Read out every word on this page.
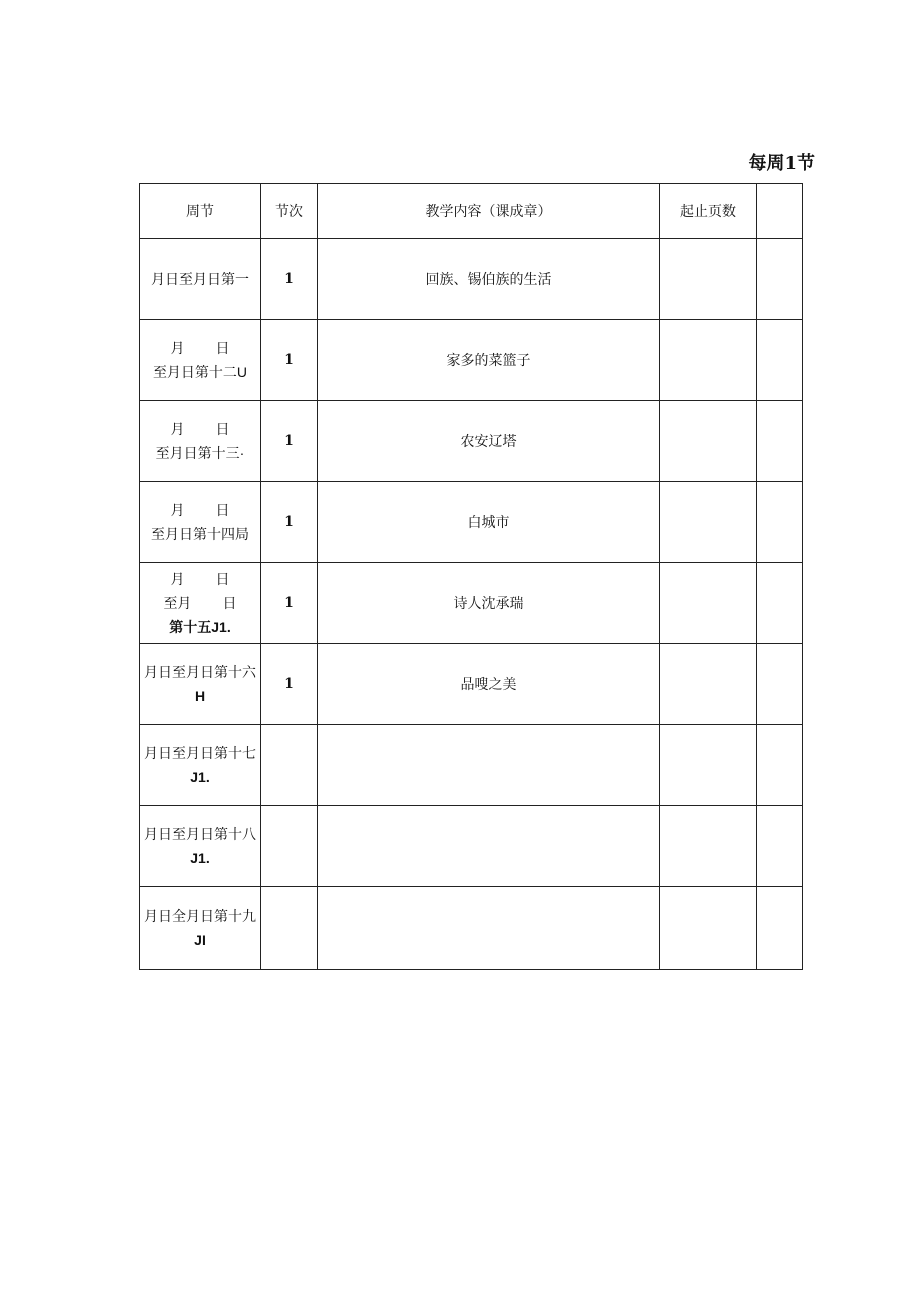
每周1节
周节	节次	教学内容（课成章）	起止页数	

月日至月日第一	1	回族、锡伯族的生活		

月        日
至月日第十二U	1	家多的菜篮子		

月        日
至月日第十三·	1	农安辽塔		

月        日
至月日第十四局	1	白城市		

月        日
至月        日
第十五J1.	1	诗人沈承瑞		

月日至月日第十六
H	1	品嗖之美		

月日至月日第十七
J1.				

月日至月日第十八
J1.				

月日全月日第十九
JI				
